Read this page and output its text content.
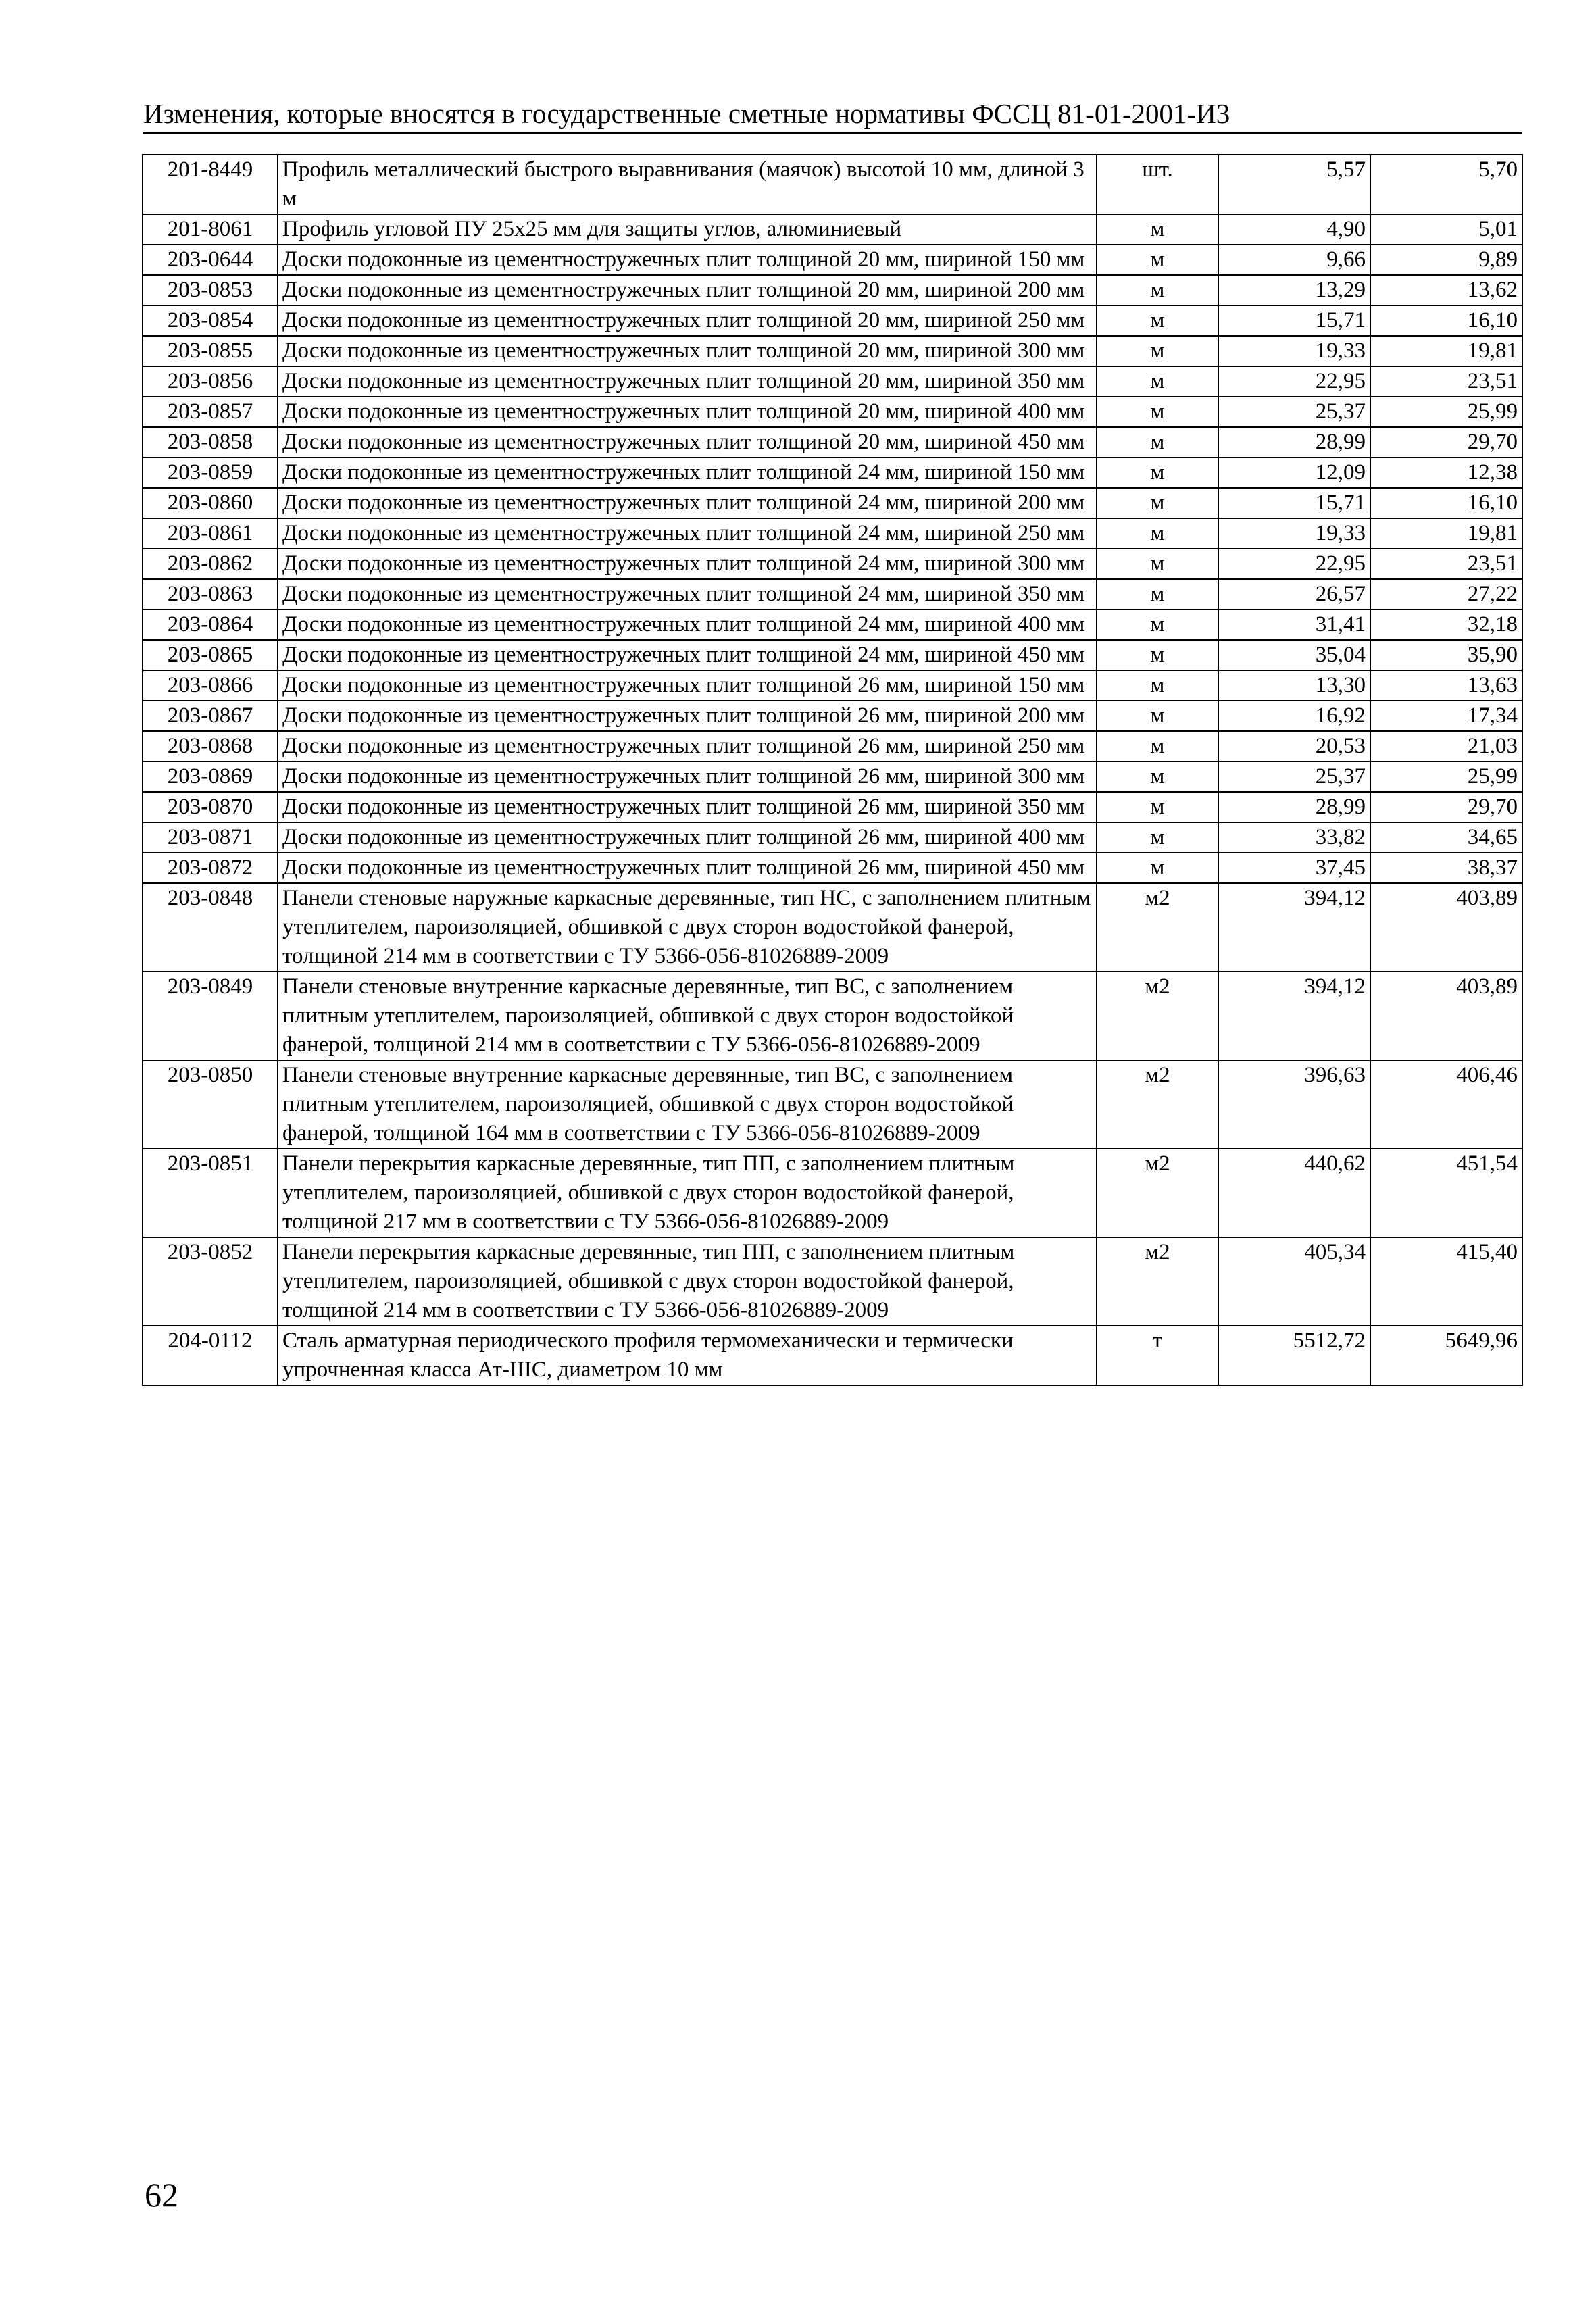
Изменения, которые вносятся в государственные сметные нормативы ФССЦ 81-01-2001-И3
201-8449	Профиль металлический быстрого выравнивания (маячок) высотой 10 мм, длиной 3 м	шт.	5,57	5,70
201-8061	Профиль угловой ПУ 25х25 мм для защиты углов, алюминиевый	м	4,90	5,01
203-0644	Доски подоконные из цементностружечных плит толщиной 20 мм, шириной 150 мм	м	9,66	9,89
203-0853	Доски подоконные из цементностружечных плит толщиной 20 мм, шириной 200 мм	м	13,29	13,62
203-0854	Доски подоконные из цементностружечных плит толщиной 20 мм, шириной 250 мм	м	15,71	16,10
203-0855	Доски подоконные из цементностружечных плит толщиной 20 мм, шириной 300 мм	м	19,33	19,81
203-0856	Доски подоконные из цементностружечных плит толщиной 20 мм, шириной 350 мм	м	22,95	23,51
203-0857	Доски подоконные из цементностружечных плит толщиной 20 мм, шириной 400 мм	м	25,37	25,99
203-0858	Доски подоконные из цементностружечных плит толщиной 20 мм, шириной 450 мм	м	28,99	29,70
203-0859	Доски подоконные из цементностружечных плит толщиной 24 мм, шириной 150 мм	м	12,09	12,38
203-0860	Доски подоконные из цементностружечных плит толщиной 24 мм, шириной 200 мм	м	15,71	16,10
203-0861	Доски подоконные из цементностружечных плит толщиной 24 мм, шириной 250 мм	м	19,33	19,81
203-0862	Доски подоконные из цементностружечных плит толщиной 24 мм, шириной 300 мм	м	22,95	23,51
203-0863	Доски подоконные из цементностружечных плит толщиной 24 мм, шириной 350 мм	м	26,57	27,22
203-0864	Доски подоконные из цементностружечных плит толщиной 24 мм, шириной 400 мм	м	31,41	32,18
203-0865	Доски подоконные из цементностружечных плит толщиной 24 мм, шириной 450 мм	м	35,04	35,90
203-0866	Доски подоконные из цементностружечных плит толщиной 26 мм, шириной 150 мм	м	13,30	13,63
203-0867	Доски подоконные из цементностружечных плит толщиной 26 мм, шириной 200 мм	м	16,92	17,34
203-0868	Доски подоконные из цементностружечных плит толщиной 26 мм, шириной 250 мм	м	20,53	21,03
203-0869	Доски подоконные из цементностружечных плит толщиной 26 мм, шириной 300 мм	м	25,37	25,99
203-0870	Доски подоконные из цементностружечных плит толщиной 26 мм, шириной 350 мм	м	28,99	29,70
203-0871	Доски подоконные из цементностружечных плит толщиной 26 мм, шириной 400 мм	м	33,82	34,65
203-0872	Доски подоконные из цементностружечных плит толщиной 26 мм, шириной 450 мм	м	37,45	38,37
203-0848	Панели стеновые наружные каркасные деревянные, тип НС, с заполнением плитным утеплителем, пароизоляцией, обшивкой с двух сторон водостойкой фанерой, толщиной 214 мм в соответствии с ТУ 5366-056-81026889-2009	м2	394,12	403,89
203-0849	Панели стеновые внутренние каркасные деревянные, тип ВС, с заполнением плитным утеплителем, пароизоляцией, обшивкой с двух сторон водостойкой фанерой, толщиной 214 мм в соответствии с ТУ 5366-056-81026889-2009	м2	394,12	403,89
203-0850	Панели стеновые внутренние каркасные деревянные, тип ВС, с заполнением плитным утеплителем, пароизоляцией, обшивкой с двух сторон водостойкой фанерой, толщиной 164 мм в соответствии с ТУ 5366-056-81026889-2009	м2	396,63	406,46
203-0851	Панели перекрытия каркасные деревянные, тип ПП, с заполнением плитным утеплителем, пароизоляцией, обшивкой с двух сторон водостойкой фанерой, толщиной 217 мм в соответствии с ТУ 5366-056-81026889-2009	м2	440,62	451,54
203-0852	Панели перекрытия каркасные деревянные, тип ПП, с заполнением плитным утеплителем, пароизоляцией, обшивкой с двух сторон водостойкой фанерой, толщиной 214 мм в соответствии с ТУ 5366-056-81026889-2009	м2	405,34	415,40
204-0112	Сталь арматурная периодического профиля термомеханически и термически упрочненная класса Ат-IIIС, диаметром 10 мм	т	5512,72	5649,96
62
